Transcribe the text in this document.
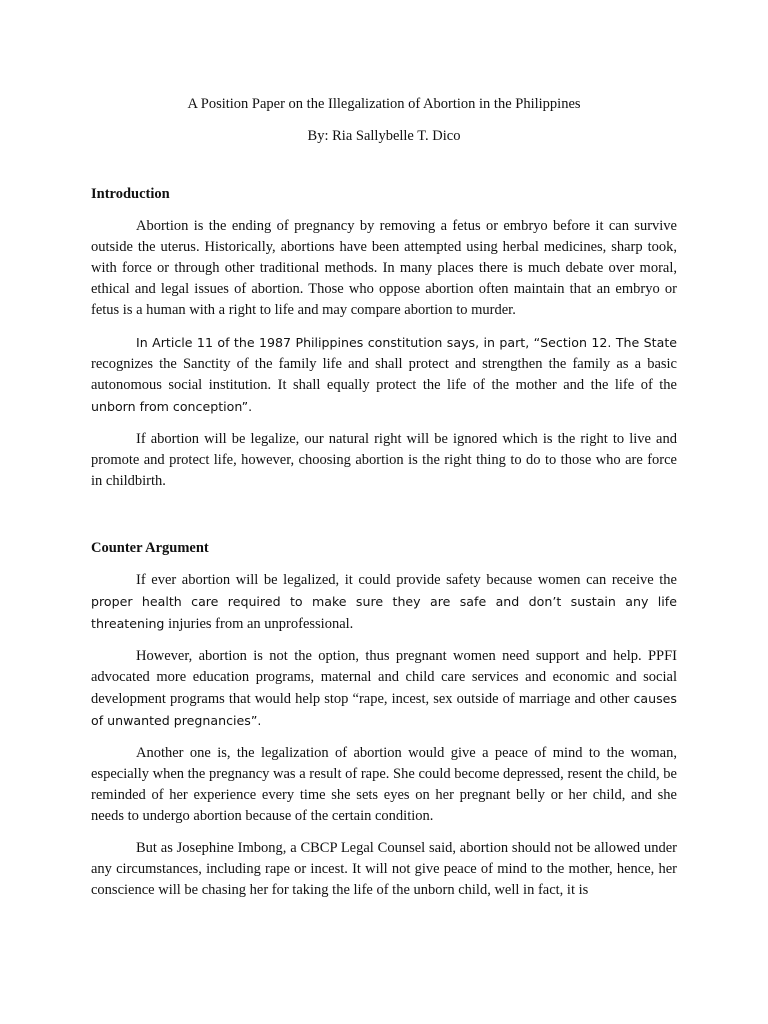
A Position Paper on the Illegalization of Abortion in the Philippines

By: Ria Sallybelle T. Dico

Introduction

Abortion is the ending of pregnancy by removing a fetus or embryo before it can survive outside the uterus. Historically, abortions have been attempted using herbal medicines, sharp took, with force or through other traditional methods. In many places there is much debate over moral, ethical and legal issues of abortion. Those who oppose abortion often maintain that an embryo or fetus is a human with a right to life and may compare abortion to murder.

In Article 11 of the 1987 Philippines constitution says, in part, “Section 12. The State recognizes the Sanctity of the family life and shall protect and strengthen the family as a basic autonomous social institution. It shall equally protect the life of the mother and the life of the unborn from conception”.

If abortion will be legalize, our natural right will be ignored which is the right to live and promote and protect life, however, choosing abortion is the right thing to do to those who are force in childbirth.

Counter Argument

If ever abortion will be legalized, it could provide safety because women can receive the proper health care required to make sure they are safe and don’t sustain any life threatening injuries from an unprofessional.

However, abortion is not the option, thus pregnant women need support and help. PPFI advocated more education programs, maternal and child care services and economic and social development programs that would help stop “rape, incest, sex outside of marriage and other causes of unwanted pregnancies”.

Another one is, the legalization of abortion would give a peace of mind to the woman, especially when the pregnancy was a result of rape. She could become depressed, resent the child, be reminded of her experience every time she sets eyes on her pregnant belly or her child, and she needs to undergo abortion because of the certain condition.

But as Josephine Imbong, a CBCP Legal Counsel said, abortion should not be allowed under any circumstances, including rape or incest. It will not give peace of mind to the mother, hence, her conscience will be chasing her for taking the life of the unborn child, well in fact, it is
